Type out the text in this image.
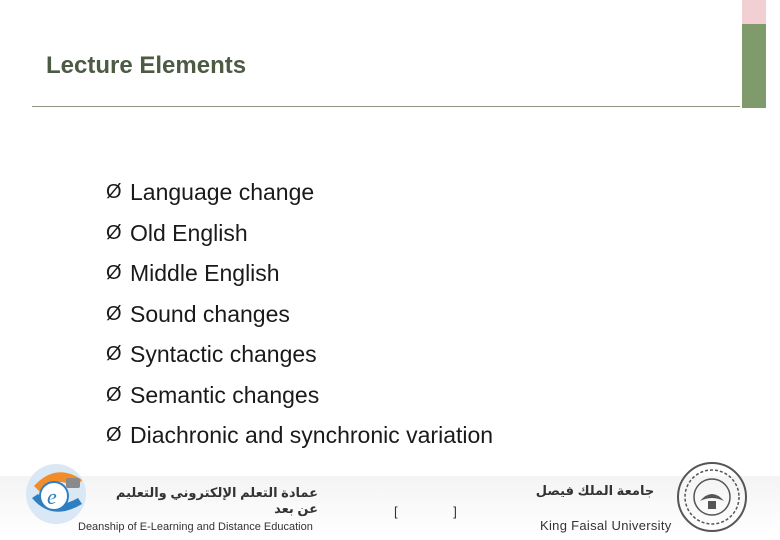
Lecture Elements
Ø Language change
Ø Old English
Ø Middle English
Ø Sound changes
Ø Syntactic changes
Ø Semantic changes
Ø Diachronic and synchronic variation
e	عمادة التعلم الإلكتروني والتعليم عن بعد
Deanship of E-Learning and Distance Education
[ ]
جامعة الملك فيصل
King Faisal University
